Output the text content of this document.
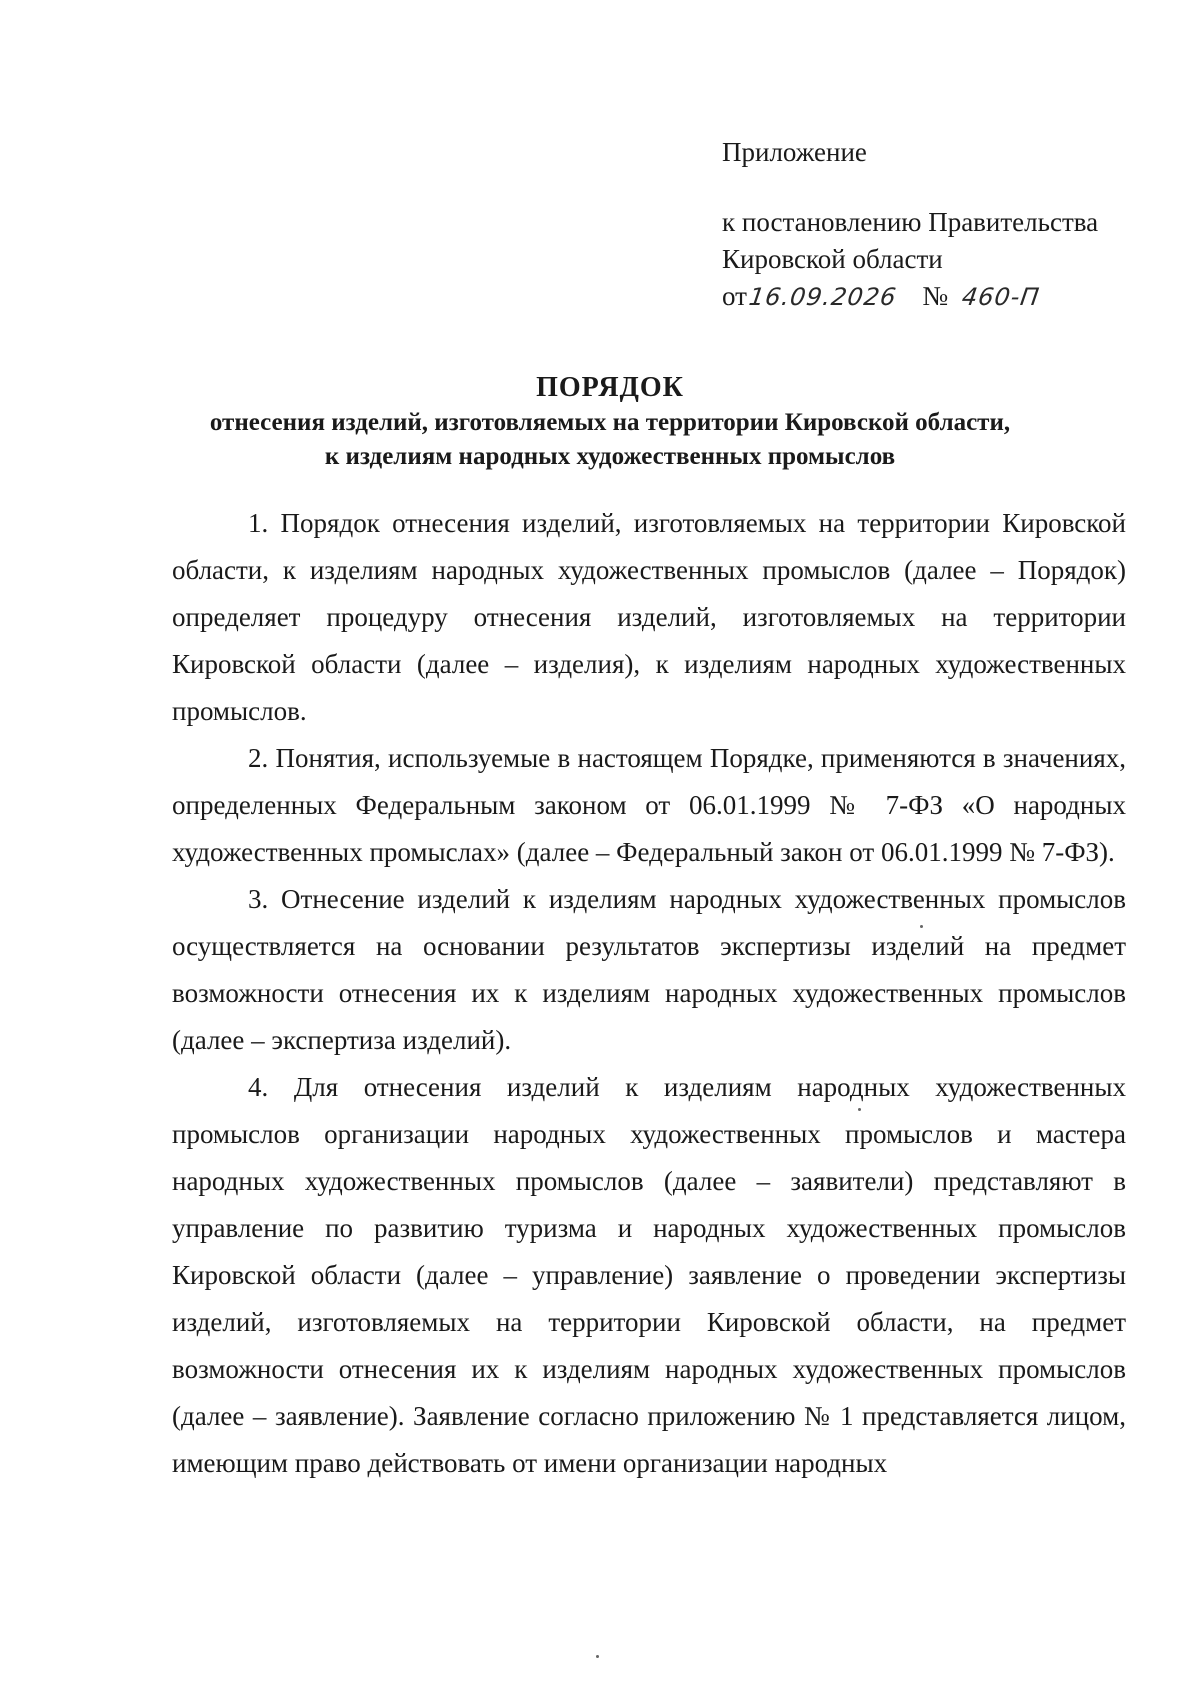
Приложение

к постановлению Правительства

Кировской области

от16.09.2026 № 460-П

ПОРЯДОК

отнесения изделий, изготовляемых на территории Кировской области,

к изделиям народных художественных промыслов

1. Порядок отнесения изделий, изготовляемых на территории Кировской области, к изделиям народных художественных промыслов (далее – Порядок) определяет процедуру отнесения изделий, изготовляемых на территории Кировской области (далее – изделия), к изделиям народных художественных промыслов.

2. Понятия, используемые в настоящем Порядке, применяются в значениях, определенных Федеральным законом от 06.01.1999 № 7-ФЗ «О народных художественных промыслах» (далее – Федеральный закон от 06.01.1999 № 7-ФЗ).

3. Отнесение изделий к изделиям народных художественных промыслов осуществляется на основании результатов экспертизы изделий на предмет возможности отнесения их к изделиям народных художественных промыслов (далее – экспертиза изделий).

4. Для отнесения изделий к изделиям народных художественных промыслов организации народных художественных промыслов и мастера народных художественных промыслов (далее – заявители) представляют в управление по развитию туризма и народных художественных промыслов Кировской области (далее – управление) заявление о проведении экспертизы изделий, изготовляемых на территории Кировской области, на предмет возможности отнесения их к изделиям народных художественных промыслов (далее – заявление). Заявление согласно приложению № 1 представляется лицом, имеющим право действовать от имени организации народных
